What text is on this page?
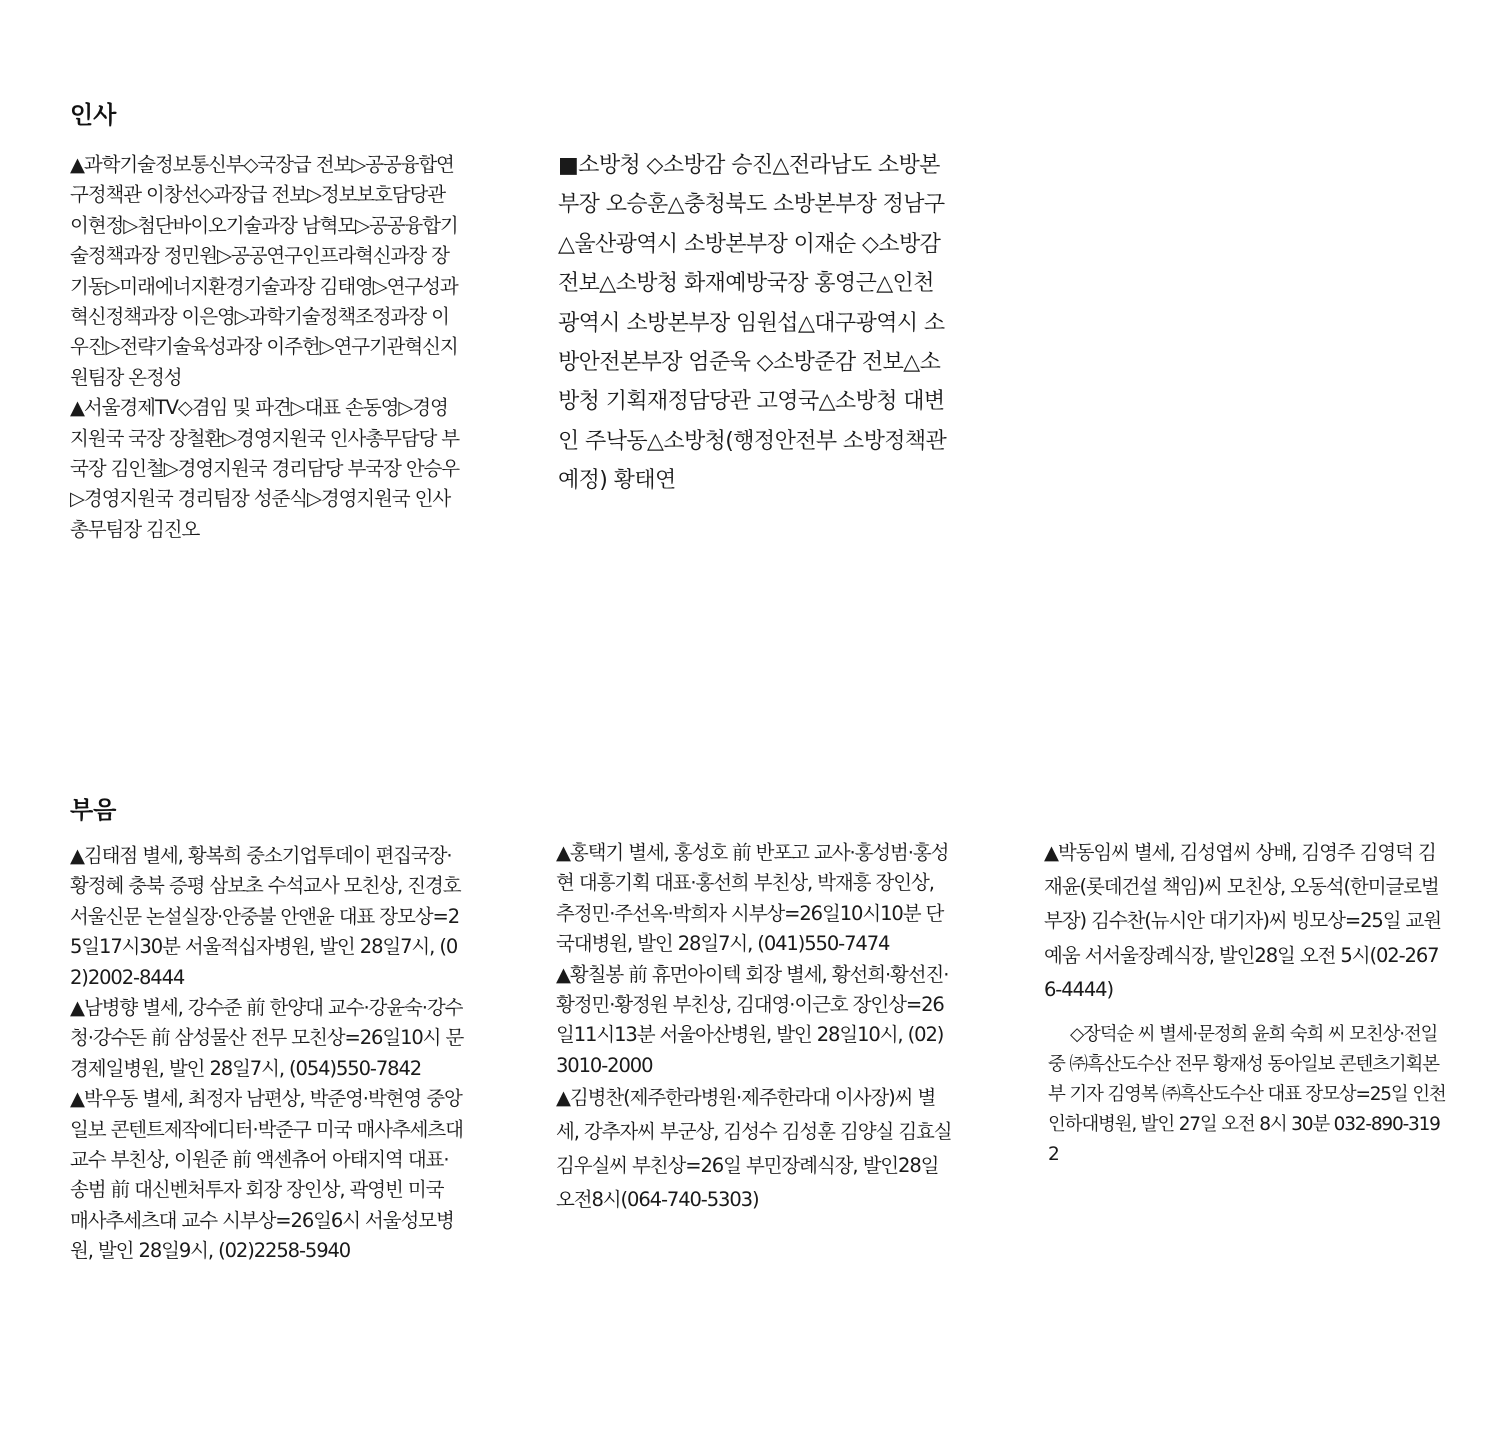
인사
▲과학기술정보통신부◇국장급 전보▷공공융합연구정책관 이창선◇과장급 전보▷정보보호담당관 이현정▷첨단바이오기술과장 남혁모▷공공융합기술정책과장 정민원▷공공연구인프라혁신과장 장기동▷미래에너지환경기술과장 김태영▷연구성과혁신정책과장 이은영▷과학기술정책조정과장 이우진▷전략기술육성과장 이주헌▷연구기관혁신지원팀장 온정성
▲서울경제TV◇겸임 및 파견▷대표 손동영▷경영지원국 국장 장철환▷경영지원국 인사총무담당 부국장 김인철▷경영지원국 경리담당 부국장 안승우▷경영지원국 경리팀장 성준식▷경영지원국 인사총무팀장 김진오
■소방청 ◇소방감 승진△전라남도 소방본부장 오승훈△충청북도 소방본부장 정남구△울산광역시 소방본부장 이재순 ◇소방감 전보△소방청 화재예방국장 홍영근△인천광역시 소방본부장 임원섭△대구광역시 소방안전본부장 엄준욱 ◇소방준감 전보△소방청 기획재정담당관 고영국△소방청 대변인 주낙동△소방청(행정안전부 소방정책관 예정) 황태연
부음
▲김태점 별세, 황복희 중소기업투데이 편집국장·황정혜 충북 증평 삼보초 수석교사 모친상, 진경호 서울신문 논설실장·안중불 안앤윤 대표 장모상=25일17시30분 서울적십자병원, 발인 28일7시, (02)2002-8444
▲남병향 별세, 강수준 前 한양대 교수·강윤숙·강수청·강수돈 前 삼성물산 전무 모친상=26일10시 문경제일병원, 발인 28일7시, (054)550-7842
▲박우동 별세, 최정자 남편상, 박준영·박현영 중앙일보 콘텐트제작에디터·박준구 미국 매사추세츠대 교수 부친상, 이원준 前 액센츄어 아태지역 대표·송범 前 대신벤처투자 회장 장인상, 곽영빈 미국 매사추세츠대 교수 시부상=26일6시 서울성모병원, 발인 28일9시, (02)2258-5940
▲홍택기 별세, 홍성호 前 반포고 교사·홍성범·홍성현 대흥기획 대표·홍선희 부친상, 박재흥 장인상, 추정민·주선옥·박희자 시부상=26일10시10분 단국대병원, 발인 28일7시, (041)550-7474
▲황칠봉 前 휴먼아이텍 회장 별세, 황선희·황선진·황정민·황정원 부친상, 김대영·이근호 장인상=26일11시13분 서울아산병원, 발인 28일10시, (02)3010-2000
▲김병찬(제주한라병원·제주한라대 이사장)씨 별세, 강추자씨 부군상, 김성수 김성훈 김양실 김효실 김우실씨 부친상=26일 부민장례식장, 발인28일 오전8시(064-740-5303)
▲박동임씨 별세, 김성엽씨 상배, 김영주 김영덕 김재윤(롯데건설 책임)씨 모친상, 오동석(한미글로벌 부장) 김수찬(뉴시안 대기자)씨 빙모상=25일 교원예움 서서울장례식장, 발인28일 오전 5시(02-2676-4444)
◇장덕순 씨 별세·문정희 윤희 숙희 씨 모친상·전일중 ㈜흑산도수산 전무 황재성 동아일보 콘텐츠기획본부 기자 김영복 ㈜흑산도수산 대표 장모상=25일 인천 인하대병원, 발인 27일 오전 8시 30분 032-890-3192
